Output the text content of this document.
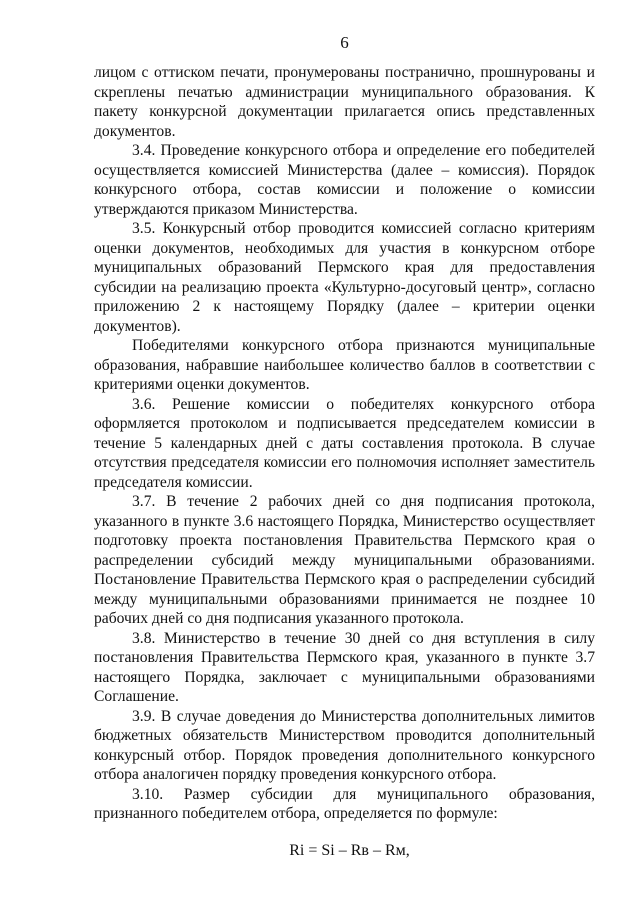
6

лицом с оттиском печати, пронумерованы постранично, прошнурованы и скреплены печатью администрации муниципального образования. К пакету конкурсной документации прилагается опись представленных документов.

3.4. Проведение конкурсного отбора и определение его победителей осуществляется комиссией Министерства (далее – комиссия). Порядок конкурсного отбора, состав комиссии и положение о комиссии утверждаются приказом Министерства.

3.5. Конкурсный отбор проводится комиссией согласно критериям оценки документов, необходимых для участия в конкурсном отборе муниципальных образований Пермского края для предоставления субсидии на реализацию проекта «Культурно-досуговый центр», согласно приложению 2 к настоящему Порядку (далее – критерии оценки документов).

Победителями конкурсного отбора признаются муниципальные образования, набравшие наибольшее количество баллов в соответствии с критериями оценки документов.

3.6. Решение комиссии о победителях конкурсного отбора оформляется протоколом и подписывается председателем комиссии в течение 5 календарных дней с даты составления протокола. В случае отсутствия председателя комиссии его полномочия исполняет заместитель председателя комиссии.

3.7. В течение 2 рабочих дней со дня подписания протокола, указанного в пункте 3.6 настоящего Порядка, Министерство осуществляет подготовку проекта постановления Правительства Пермского края о распределении субсидий между муниципальными образованиями. Постановление Правительства Пермского края о распределении субсидий между муниципальными образованиями принимается не позднее 10 рабочих дней со дня подписания указанного протокола.

3.8. Министерство в течение 30 дней со дня вступления в силу постановления Правительства Пермского края, указанного в пункте 3.7 настоящего Порядка, заключает с муниципальными образованиями Соглашение.

3.9. В случае доведения до Министерства дополнительных лимитов бюджетных обязательств Министерством проводится дополнительный конкурсный отбор. Порядок проведения дополнительного конкурсного отбора аналогичен порядку проведения конкурсного отбора.

3.10. Размер субсидии для муниципального образования, признанного победителем отбора, определяется по формуле:

Ri = Si – Rв – Rм,
